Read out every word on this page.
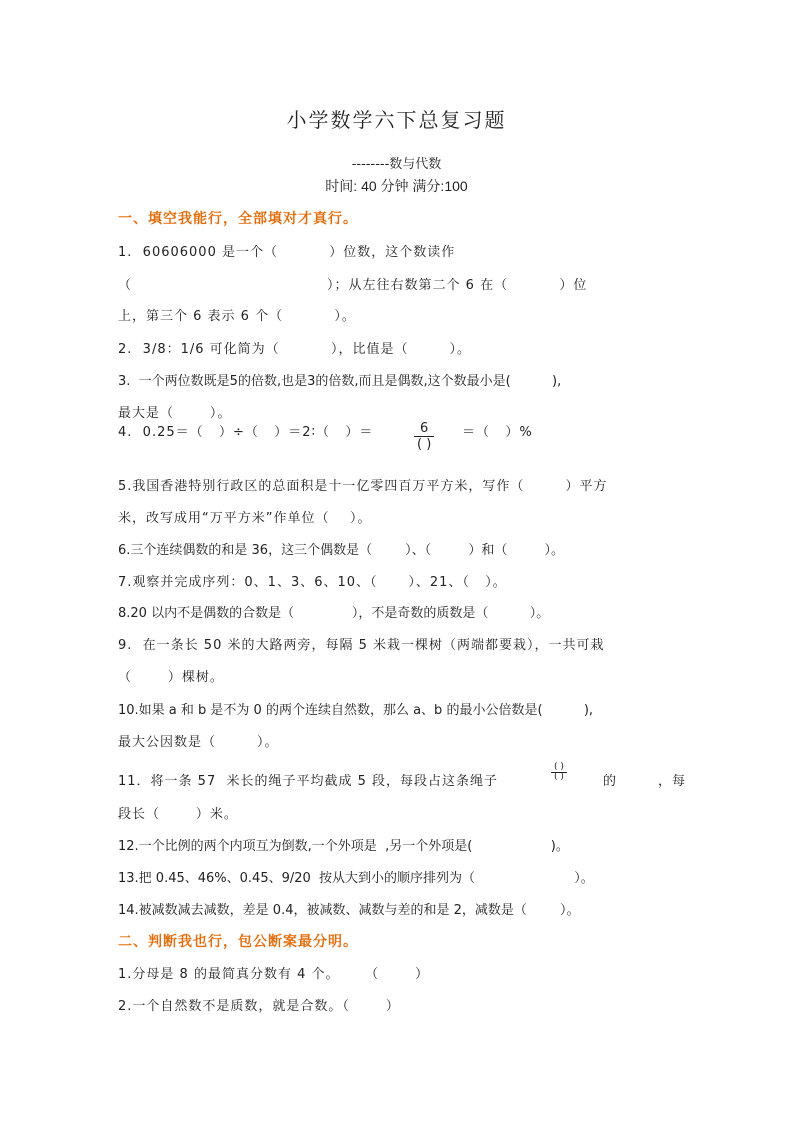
小学数学六下总复习题
--------数与代数
时间: 40 分钟 满分:100
一、填空我能行，全部填对才真行。
1.  60606000 是一个（          ）位数，这个数读作
（                                      ）；从左往右数第二个 6 在（          ）位
上，第三个 6 表示 6 个（          ）。
2.  3/8：1/6 可化简为（          ），比值是（        ）。
3.  一个两位数既是5的倍数,也是3的倍数,而且是偶数,这个数最小是(          ),
最大是（       ）。
4.  0.25＝（   ）÷（   ）＝2∶（   ）＝	6
( )
＝（   ）%
5.我国香港特别行政区的总面积是十一亿零四百万平方米，写作（        ）平方
米，改写成用“万平方米”作单位（    ）。
6.三个连续偶数的和是 36，这三个偶数是（        ）、（         ）和（         ）。
7.观察并完成序列：0、1、3、6、10、（      ）、21、（   ）。
8.20 以内不是偶数的合数是（              ），不是奇数的质数是（          ）。
9.  在一条长 50 米的大路两旁，每隔 5 米栽一棵树（两端都要栽），一共可栽
（       ）棵树。
10.如果 a 和 b 是不为 0 的两个连续自然数，那么 a、b 的最小公倍数是(          ),
最大公因数是（        ）。
11．将一条 57  米长的绳子平均截成 5 段，每段占这条绳子
( )
( )	的        ，每
段长（       ）米。
12.一个比例的两个内项互为倒数,一个外项是  ,另一个外项是(                   )。
13.把 0.45、46%、0.45、9/20  按从大到小的顺序排列为（                        ）。
14.被减数减去减数，差是 0.4，被减数、减数与差的和是 2，减数是（        ）。
二、判断我也行，包公断案最分明。
1.分母是 8 的最简真分数有 4 个。     （       ）
2.一个自然数不是质数，就是合数。（       ）
